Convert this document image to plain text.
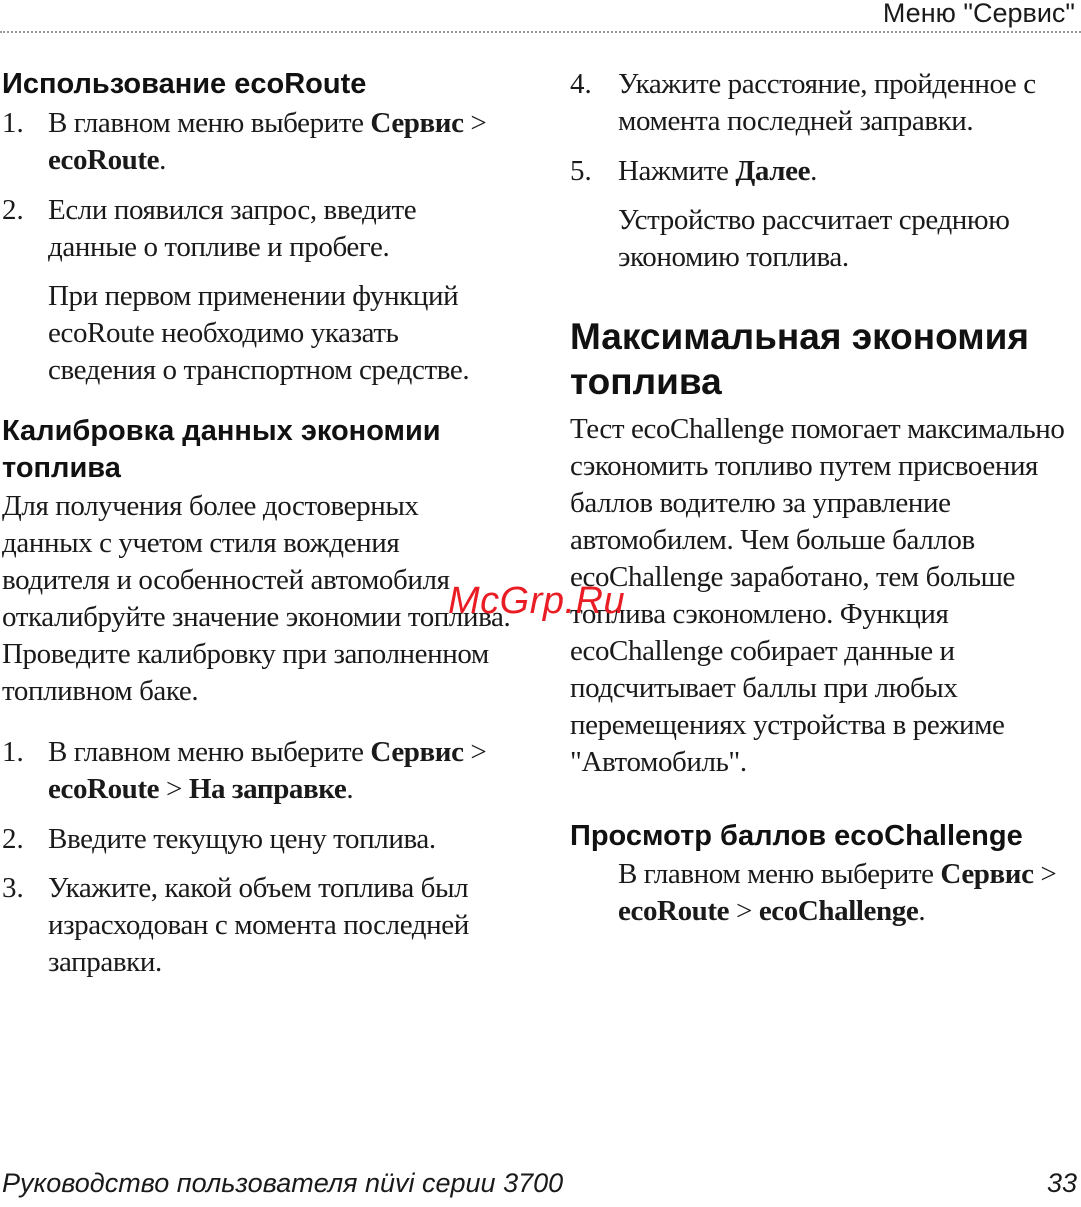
Меню "Сервис"
Использование ecoRoute
1. В главном меню выберите Сервис >
ecoRoute.

2. Если появился запрос, введите
данные о топливе и пробеге.

При первом применении функций
ecoRoute необходимо указать
сведения о транспортном средстве.

Калибровка данных экономии
топлива

Для получения более достоверных
данных с учетом стиля вождения
водителя и особенностей автомобиля
откалибруйте значение экономии топлива.
Проведите калибровку при заполненном
топливном баке.

1. В главном меню выберите Сервис >
ecoRoute > На заправке.

2. Введите текущую цену топлива.

3. Укажите, какой объем топлива был
израсходован с момента последней
заправки.

4. Укажите расстояние, пройденное с
момента последней заправки.

5. Нажмите Далее.

Устройство рассчитает среднюю
экономию топлива.

Максимальная экономия
топлива

Тест ecoChallenge помогает максимально
сэкономить топливо путем присвоения
баллов водителю за управление
автомобилем. Чем больше баллов
ecoChallenge заработано, тем больше
топлива сэкономлено. Функция
ecoChallenge собирает данные и
подсчитывает баллы при любых
перемещениях устройства в режиме
"Автомобиль".

Просмотр баллов ecoChallenge

В главном меню выберите Сервис >
ecoRoute > ecoChallenge.

McGrp.Ru
Руководство пользователя nüvi серии 3700	33
